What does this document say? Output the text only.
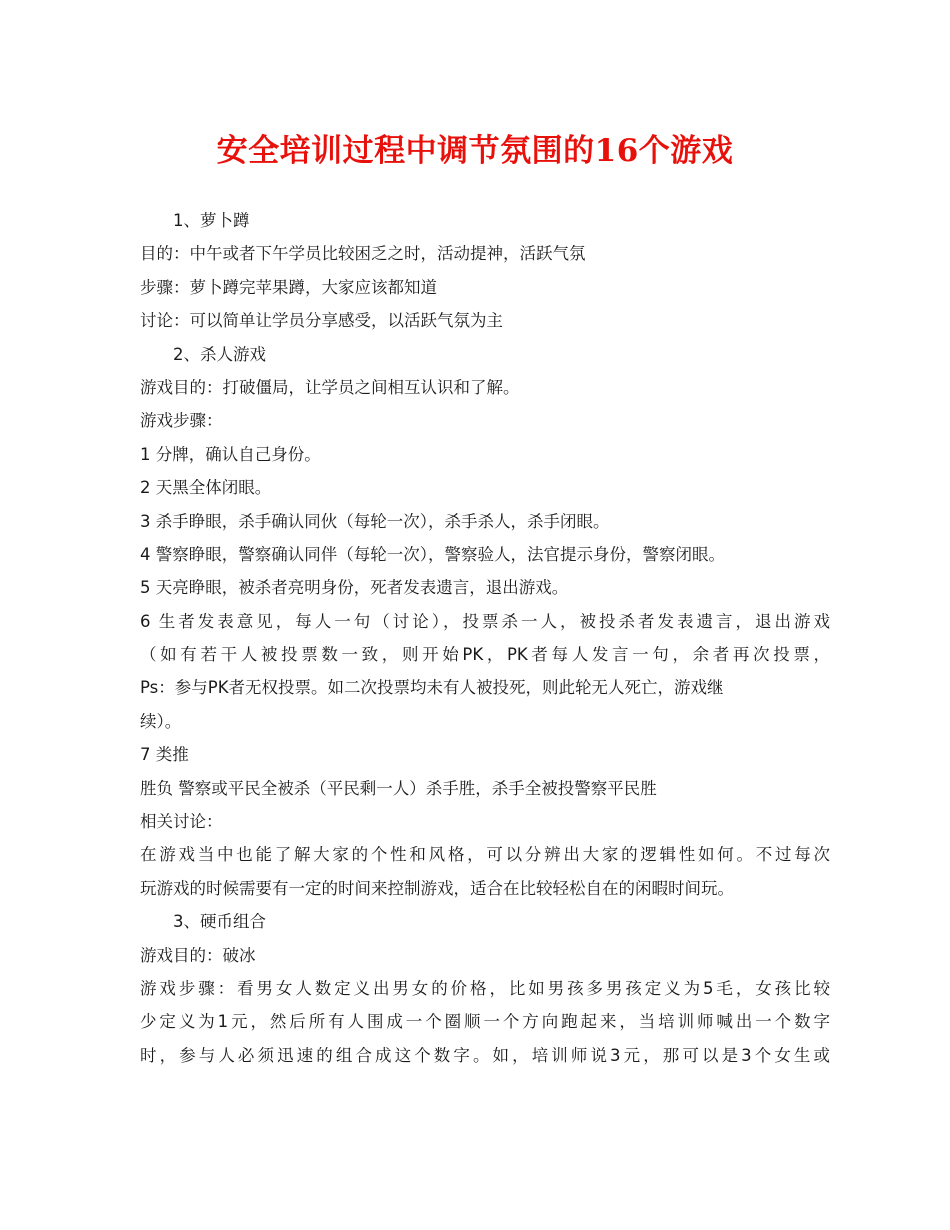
安全培训过程中调节氛围的16个游戏
1、萝卜蹲
目的：中午或者下午学员比较困乏之时，活动提神，活跃气氛
步骤：萝卜蹲完苹果蹲，大家应该都知道
讨论：可以简单让学员分享感受，以活跃气氛为主
2、杀人游戏
游戏目的：打破僵局，让学员之间相互认识和了解。
游戏步骤：
1 分牌，确认自己身份。
2 天黑全体闭眼。
3 杀手睁眼，杀手确认同伙（每轮一次），杀手杀人，杀手闭眼。
4 警察睁眼，警察确认同伴（每轮一次），警察验人，法官提示身份，警察闭眼。
5 天亮睁眼，被杀者亮明身份，死者发表遗言，退出游戏。
6 生者发表意见，每人一句（讨论），投票杀一人，被投杀者发表遗言，退出游戏
（如有若干人被投票数一致，则开始PK，PK者每人发言一句，余者再次投票，
Ps：参与PK者无权投票。如二次投票均未有人被投死，则此轮无人死亡，游戏继
续）。
7 类推
胜负 警察或平民全被杀（平民剩一人）杀手胜，杀手全被投警察平民胜
相关讨论：
在游戏当中也能了解大家的个性和风格，可以分辨出大家的逻辑性如何。不过每次
玩游戏的时候需要有一定的时间来控制游戏，适合在比较轻松自在的闲暇时间玩。
3、硬币组合
游戏目的：破冰
游戏步骤：看男女人数定义出男女的价格，比如男孩多男孩定义为5毛，女孩比较
少定义为1元，然后所有人围成一个圈顺一个方向跑起来，当培训师喊出一个数字
时，参与人必须迅速的组合成这个数字。如，培训师说3元，那可以是3个女生或
